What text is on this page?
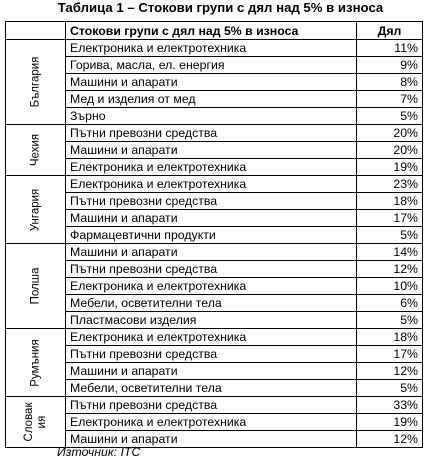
Таблица 1 – Стокови групи с дял над 5% в износа
	Стокови групи с дял над 5% в износа	Дял

България	Електроника и електротехника	11%
	Горива, масла, ел. енергия	9%
	Машини и апарати	8%
	Мед и изделия от мед	7%
	Зърно	5%

Чехия	Пътни превозни средства	20%
	Машини и апарати	20%
	Електроника и електротехника	19%

Унгария	Електроника и електротехника	23%
	Пътни превозни средства	18%
	Машини и апарати	17%
	Фармацевтични продукти	5%

Полша	Машини и апарати	14%
	Пътни превозни средства	12%
	Електроника и електротехника	10%
	Мебели, осветителни тела	6%
	Пластмасови изделия	5%

Румъния	Електроника и електротехника	18%
	Пътни превозни средства	17%
	Машини и апарати	12%
	Мебели, осветителни тела	5%

Словак ия	Пътни превозни средства	33%
	Електроника и електротехника	19%
	Машини и апарати	12%
Източник: ITC
